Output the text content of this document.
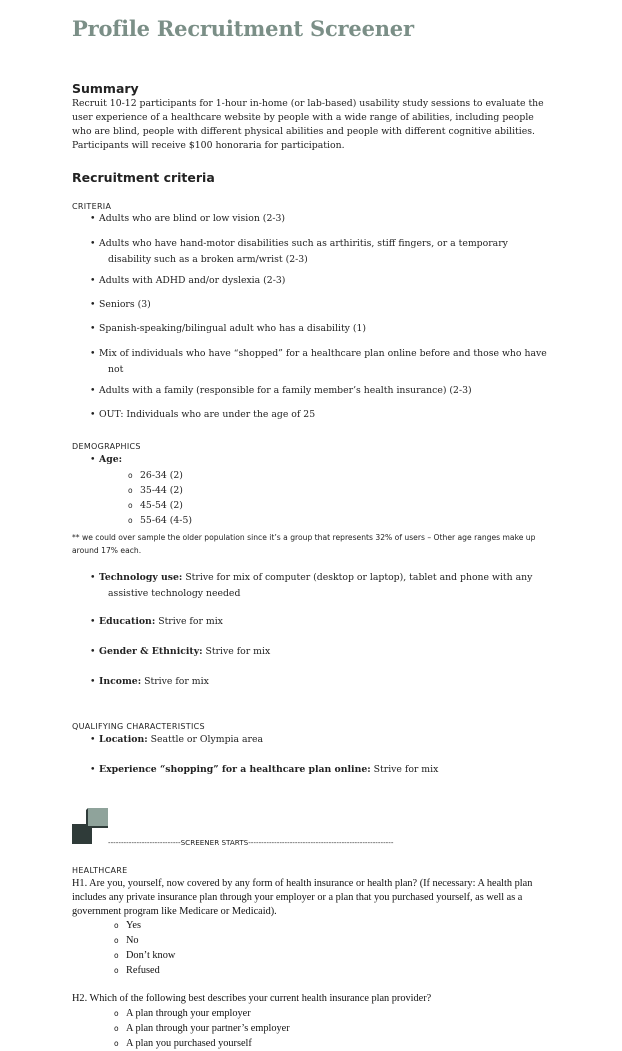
Profile Recruitment Screener
Summary
Recruit 10-12 participants for 1-hour in-home (or lab-based) usability study sessions to evaluate the user experience of a healthcare website by people with a wide range of abilities, including people who are blind, people with different physical abilities and people with different cognitive abilities. Participants will receive $100 honoraria for participation.
Recruitment criteria
CRITERIA
• Adults who are blind or low vision (2-3)
• Adults who have hand-motor disabilities such as arthiritis, stiff fingers, or a temporary disability such as a broken arm/wrist (2-3)
• Adults with ADHD and/or dyslexia (2-3)
• Seniors (3)
• Spanish-speaking/bilingual adult who has a disability (1)
• Mix of individuals who have “shopped” for a healthcare plan online before and those who have not
• Adults with a family (responsible for a family member’s health insurance) (2-3)
• OUT: Individuals who are under the age of 25
DEMOGRAPHICS
• Age:
o 26-34 (2)
o 35-44 (2)
o 45-54 (2)
o 55-64 (4-5)
** we could over sample the older population since it’s a group that represents 32% of users – Other age ranges make up around 17% each.
• Technology use: Strive for mix of computer (desktop or laptop), tablet and phone with any assistive technology needed
• Education: Strive for mix
• Gender & Ethnicity: Strive for mix
• Income: Strive for mix
QUALIFYING CHARACTERISTICS
• Location: Seattle or Olympia area
• Experience “shopping” for a healthcare plan online: Strive for mix
----------------------------SCREENER STARTS--------------------------------------------------------
HEALTHCARE
H1. Are you, yourself, now covered by any form of health insurance or health plan? (If necessary: A health plan includes any private insurance plan through your employer or a plan that you purchased yourself, as well as a government program like Medicare or Medicaid).
o Yes
o No
o Don’t know
o Refused
H2. Which of the following best describes your current health insurance plan provider?
o A plan through your employer
o A plan through your partner’s employer
o A plan you purchased yourself
